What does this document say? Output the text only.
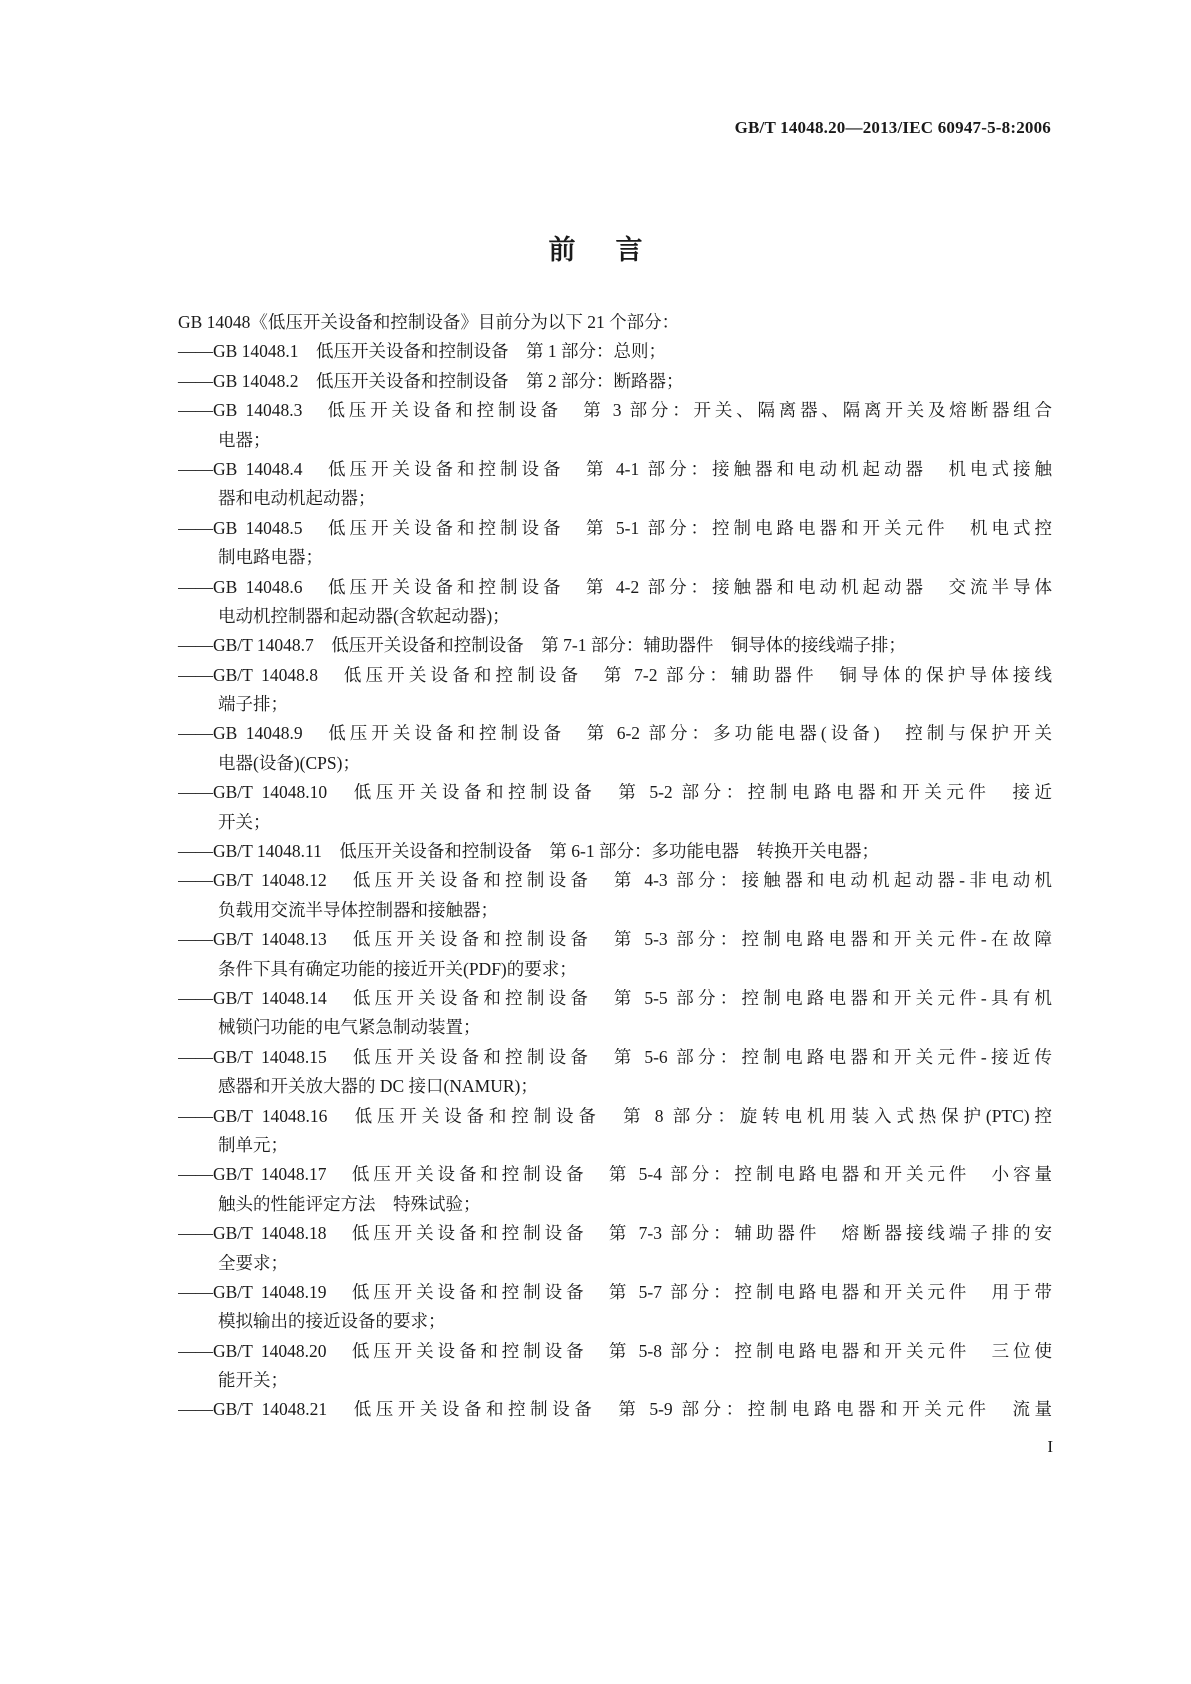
GB/T 14048.20—2013/IEC 60947-5-8:2006
前言
GB 14048《低压开关设备和控制设备》目前分为以下 21 个部分：
——GB 14048.1　低压开关设备和控制设备　第 1 部分：总则；
——GB 14048.2　低压开关设备和控制设备　第 2 部分：断路器；
——GB 14048.3　低压开关设备和控制设备　第 3 部分：开关、隔离器、隔离开关及熔断器组合
电器；
——GB 14048.4　低压开关设备和控制设备　第 4-1 部分：接触器和电动机起动器　机电式接触
器和电动机起动器；
——GB 14048.5　低压开关设备和控制设备　第 5-1 部分：控制电路电器和开关元件　机电式控
制电路电器；
——GB 14048.6　低压开关设备和控制设备　第 4-2 部分：接触器和电动机起动器　交流半导体
电动机控制器和起动器(含软起动器)；
——GB/T 14048.7　低压开关设备和控制设备　第 7-1 部分：辅助器件　铜导体的接线端子排；
——GB/T 14048.8　低压开关设备和控制设备　第 7-2 部分：辅助器件　铜导体的保护导体接线
端子排；
——GB 14048.9　低压开关设备和控制设备　第 6-2 部分：多功能电器(设备)　控制与保护开关
电器(设备)(CPS)；
——GB/T 14048.10　低压开关设备和控制设备　第 5-2 部分：控制电路电器和开关元件　接近
开关；
——GB/T 14048.11　低压开关设备和控制设备　第 6-1 部分：多功能电器　转换开关电器；
——GB/T 14048.12　低压开关设备和控制设备　第 4-3 部分：接触器和电动机起动器-非电动机
负载用交流半导体控制器和接触器；
——GB/T 14048.13　低压开关设备和控制设备　第 5-3 部分：控制电路电器和开关元件-在故障
条件下具有确定功能的接近开关(PDF)的要求；
——GB/T 14048.14　低压开关设备和控制设备　第 5-5 部分：控制电路电器和开关元件-具有机
械锁闩功能的电气紧急制动装置；
——GB/T 14048.15　低压开关设备和控制设备　第 5-6 部分：控制电路电器和开关元件-接近传
感器和开关放大器的 DC 接口(NAMUR)；
——GB/T 14048.16　低压开关设备和控制设备　第 8 部分：旋转电机用装入式热保护(PTC)控
制单元；
——GB/T 14048.17　低压开关设备和控制设备　第 5-4 部分：控制电路电器和开关元件　小容量
触头的性能评定方法　特殊试验；
——GB/T 14048.18　低压开关设备和控制设备　第 7-3 部分：辅助器件　熔断器接线端子排的安
全要求；
——GB/T 14048.19　低压开关设备和控制设备　第 5-7 部分：控制电路电器和开关元件　用于带
模拟输出的接近设备的要求；
——GB/T 14048.20　低压开关设备和控制设备　第 5-8 部分：控制电路电器和开关元件　三位使
能开关；
——GB/T 14048.21　低压开关设备和控制设备　第 5-9 部分：控制电路电器和开关元件　流量
I
